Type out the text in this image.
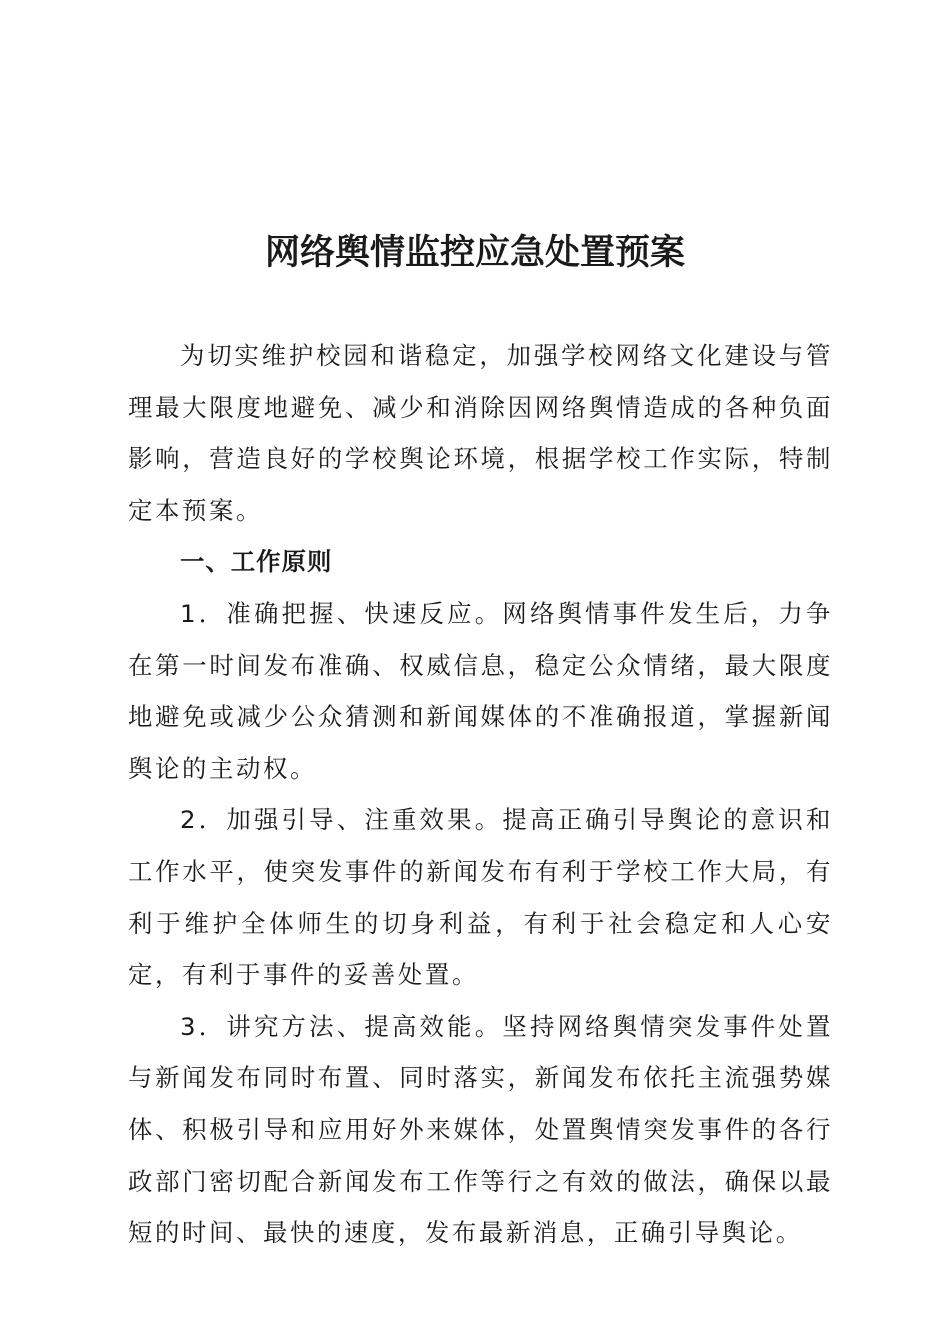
网络舆情监控应急处置预案

为切实维护校园和谐稳定，加强学校网络文化建设与管理最大限度地避免、减少和消除因网络舆情造成的各种负面影响，营造良好的学校舆论环境，根据学校工作实际，特制定本预案。

一、工作原则

1．准确把握、快速反应。网络舆情事件发生后，力争在第一时间发布准确、权威信息，稳定公众情绪，最大限度地避免或减少公众猜测和新闻媒体的不准确报道，掌握新闻舆论的主动权。

2．加强引导、注重效果。提高正确引导舆论的意识和工作水平，使突发事件的新闻发布有利于学校工作大局，有利于维护全体师生的切身利益，有利于社会稳定和人心安定，有利于事件的妥善处置。

3．讲究方法、提高效能。坚持网络舆情突发事件处置与新闻发布同时布置、同时落实，新闻发布依托主流强势媒体、积极引导和应用好外来媒体，处置舆情突发事件的各行政部门密切配合新闻发布工作等行之有效的做法，确保以最短的时间、最快的速度，发布最新消息，正确引导舆论。
